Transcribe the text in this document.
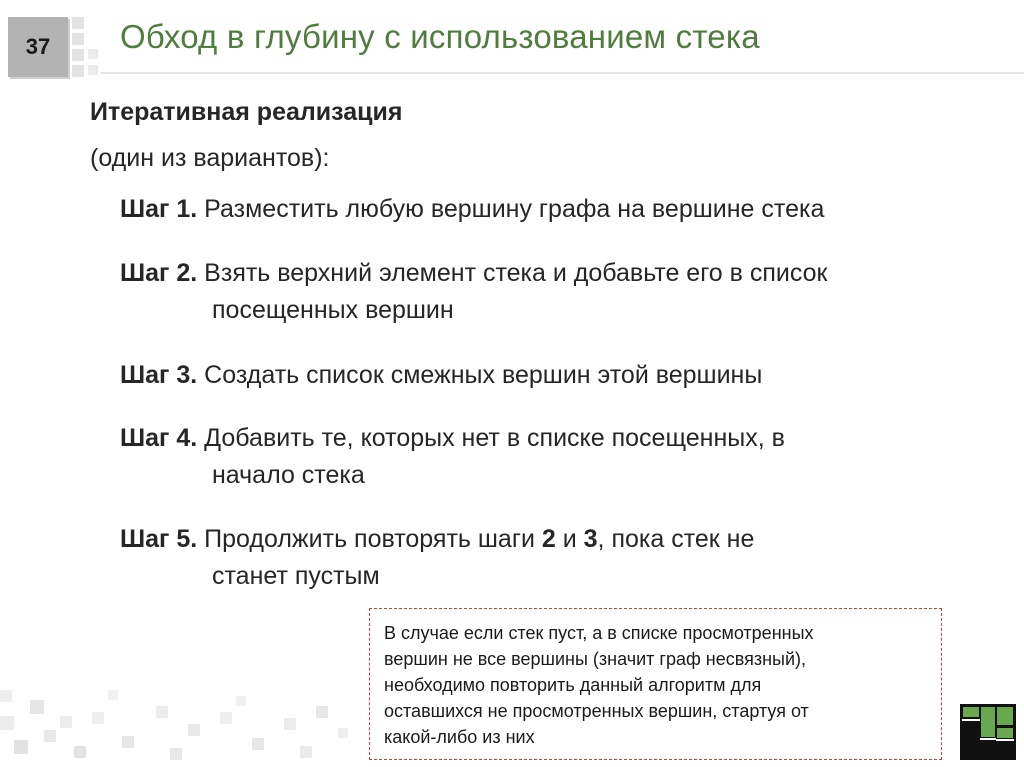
37 Обход в глубину с использованием стека
Итеративная реализация
(один из вариантов):
Шаг 1. Разместить любую вершину графа на вершине стека
Шаг 2. Взять верхний элемент стека и добавьте его в список
посещенных вершин
Шаг 3. Создать список смежных вершин этой вершины
Шаг 4. Добавить те, которых нет в списке посещенных, в
начало стека
Шаг 5. Продолжить повторять шаги 2 и 3, пока стек не
станет пустым
В случае если стек пуст, а в списке просмотренных
вершин не все вершины (значит граф несвязный),
необходимо повторить данный алгоритм для
оставшихся не просмотренных вершин, стартуя от
какой-либо из них
